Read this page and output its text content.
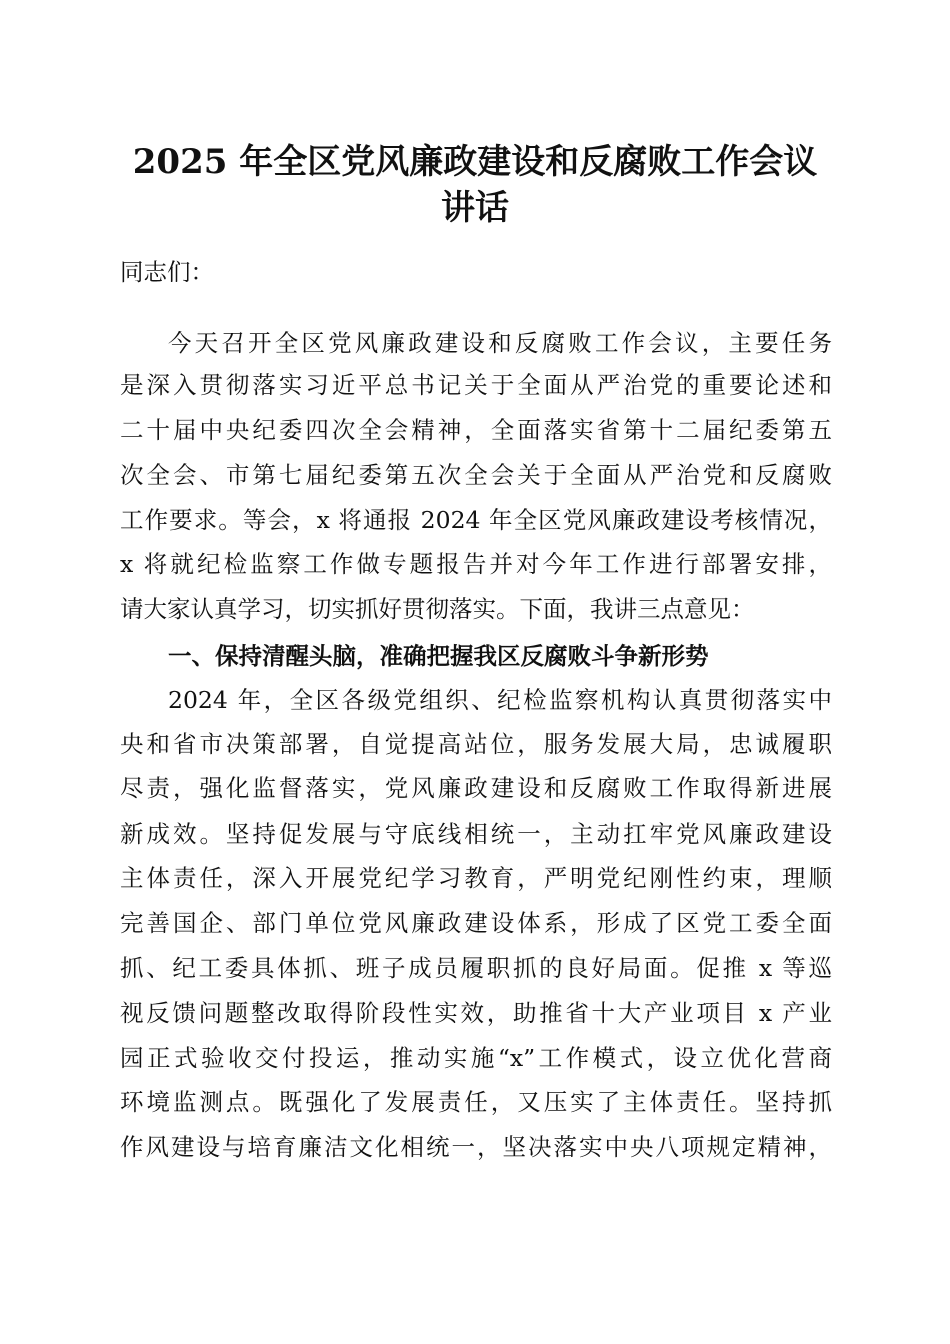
2025 年全区党风廉政建设和反腐败工作会议
讲话
同志们：
今天召开全区党风廉政建设和反腐败工作会议，主要任务
是深入贯彻落实习近平总书记关于全面从严治党的重要论述和
二十届中央纪委四次全会精神，全面落实省第十二届纪委第五
次全会、市第七届纪委第五次全会关于全面从严治党和反腐败
工作要求。等会，x 将通报 2024 年全区党风廉政建设考核情况，
x 将就纪检监察工作做专题报告并对今年工作进行部署安排，
请大家认真学习，切实抓好贯彻落实。下面，我讲三点意见：
一、保持清醒头脑，准确把握我区反腐败斗争新形势
2024 年，全区各级党组织、纪检监察机构认真贯彻落实中
央和省市决策部署，自觉提高站位，服务发展大局，忠诚履职
尽责，强化监督落实，党风廉政建设和反腐败工作取得新进展
新成效。坚持促发展与守底线相统一，主动扛牢党风廉政建设
主体责任，深入开展党纪学习教育，严明党纪刚性约束，理顺
完善国企、部门单位党风廉政建设体系，形成了区党工委全面
抓、纪工委具体抓、班子成员履职抓的良好局面。促推 x 等巡
视反馈问题整改取得阶段性实效，助推省十大产业项目 x 产业
园正式验收交付投运，推动实施“x”工作模式，设立优化营商
环境监测点。既强化了发展责任，又压实了主体责任。坚持抓
作风建设与培育廉洁文化相统一，坚决落实中央八项规定精神，
